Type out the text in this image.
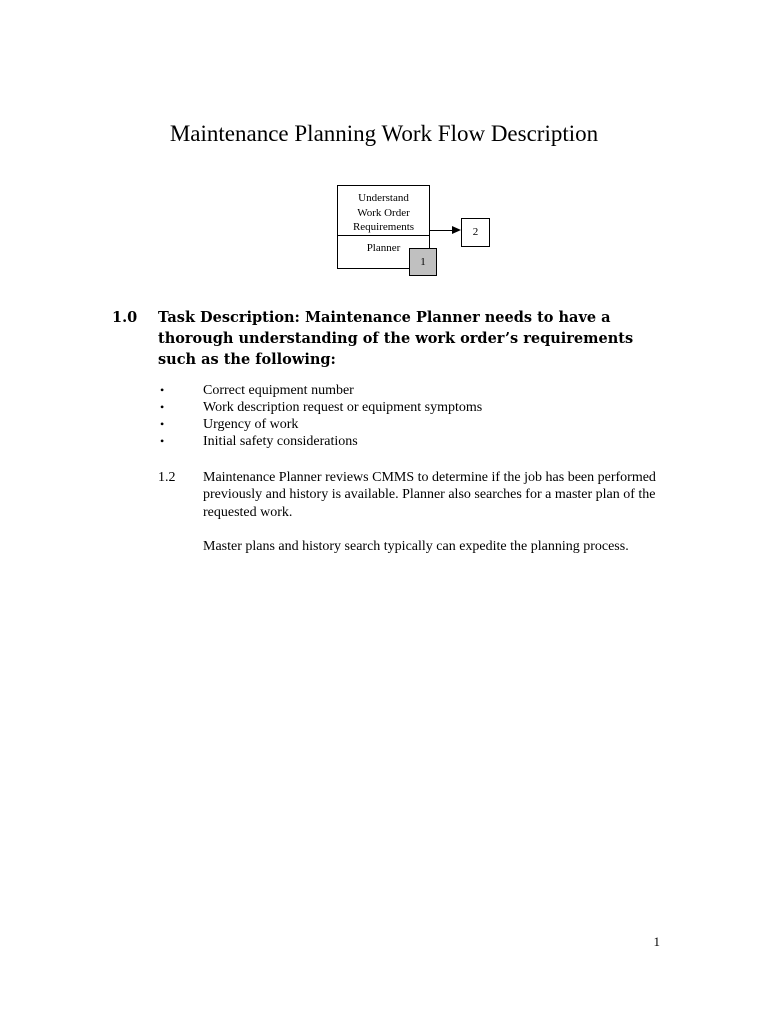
Maintenance Planning Work Flow Description
Understand
Work Order
Requirements
Planner
2
1
1.0 Task Description: Maintenance Planner needs to have a thorough understanding of the work order’s requirements such as the following:
•	Correct equipment number
•	Work description request or equipment symptoms
•	Urgency of work
•	Initial safety considerations
1.2 Maintenance Planner reviews CMMS to determine if the job has been performed previously and history is available. Planner also searches for a master plan of the requested work.
Master plans and history search typically can expedite the planning process.
1
